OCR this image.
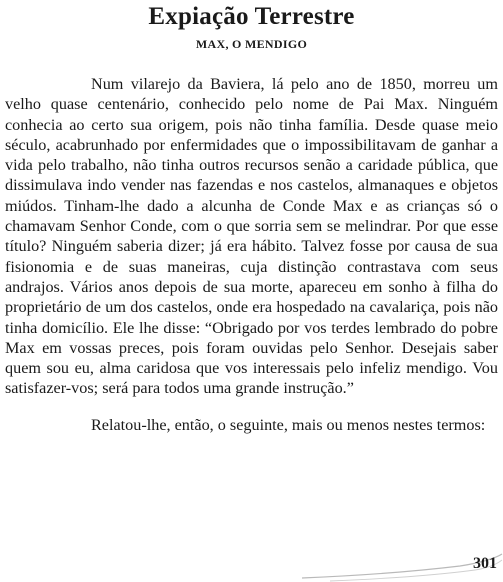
Expiação Terrestre
MAX, O MENDIGO

Num vilarejo da Baviera, lá pelo ano de 1850, morreu um velho quase centenário, conhecido pelo nome de Pai Max. Ninguém conhecia ao certo sua origem, pois não tinha família. Desde quase meio século, acabrunhado por enfermidades que o impossibilitavam de ganhar a vida pelo trabalho, não tinha outros recursos senão a caridade pública, que dissimulava indo vender nas fazendas e nos castelos, almanaques e objetos miúdos. Tinham-lhe dado a alcunha de Conde Max e as crianças só o chamavam Senhor Conde, com o que sorria sem se melindrar. Por que esse título? Ninguém saberia dizer; já era hábito. Talvez fosse por causa de sua fisionomia e de suas maneiras, cuja distinção contrastava com seus andrajos. Vários anos depois de sua morte, apareceu em sonho à filha do proprietário de um dos castelos, onde era hospedado na cavalariça, pois não tinha domicílio. Ele lhe disse: “Obrigado por vos terdes lembrado do pobre Max em vossas preces, pois foram ouvidas pelo Senhor. Desejais saber quem sou eu, alma caridosa que vos interessais pelo infeliz mendigo. Vou satisfazer-vos; será para todos uma grande instrução.”

Relatou-lhe, então, o seguinte, mais ou menos nestes termos:

301
